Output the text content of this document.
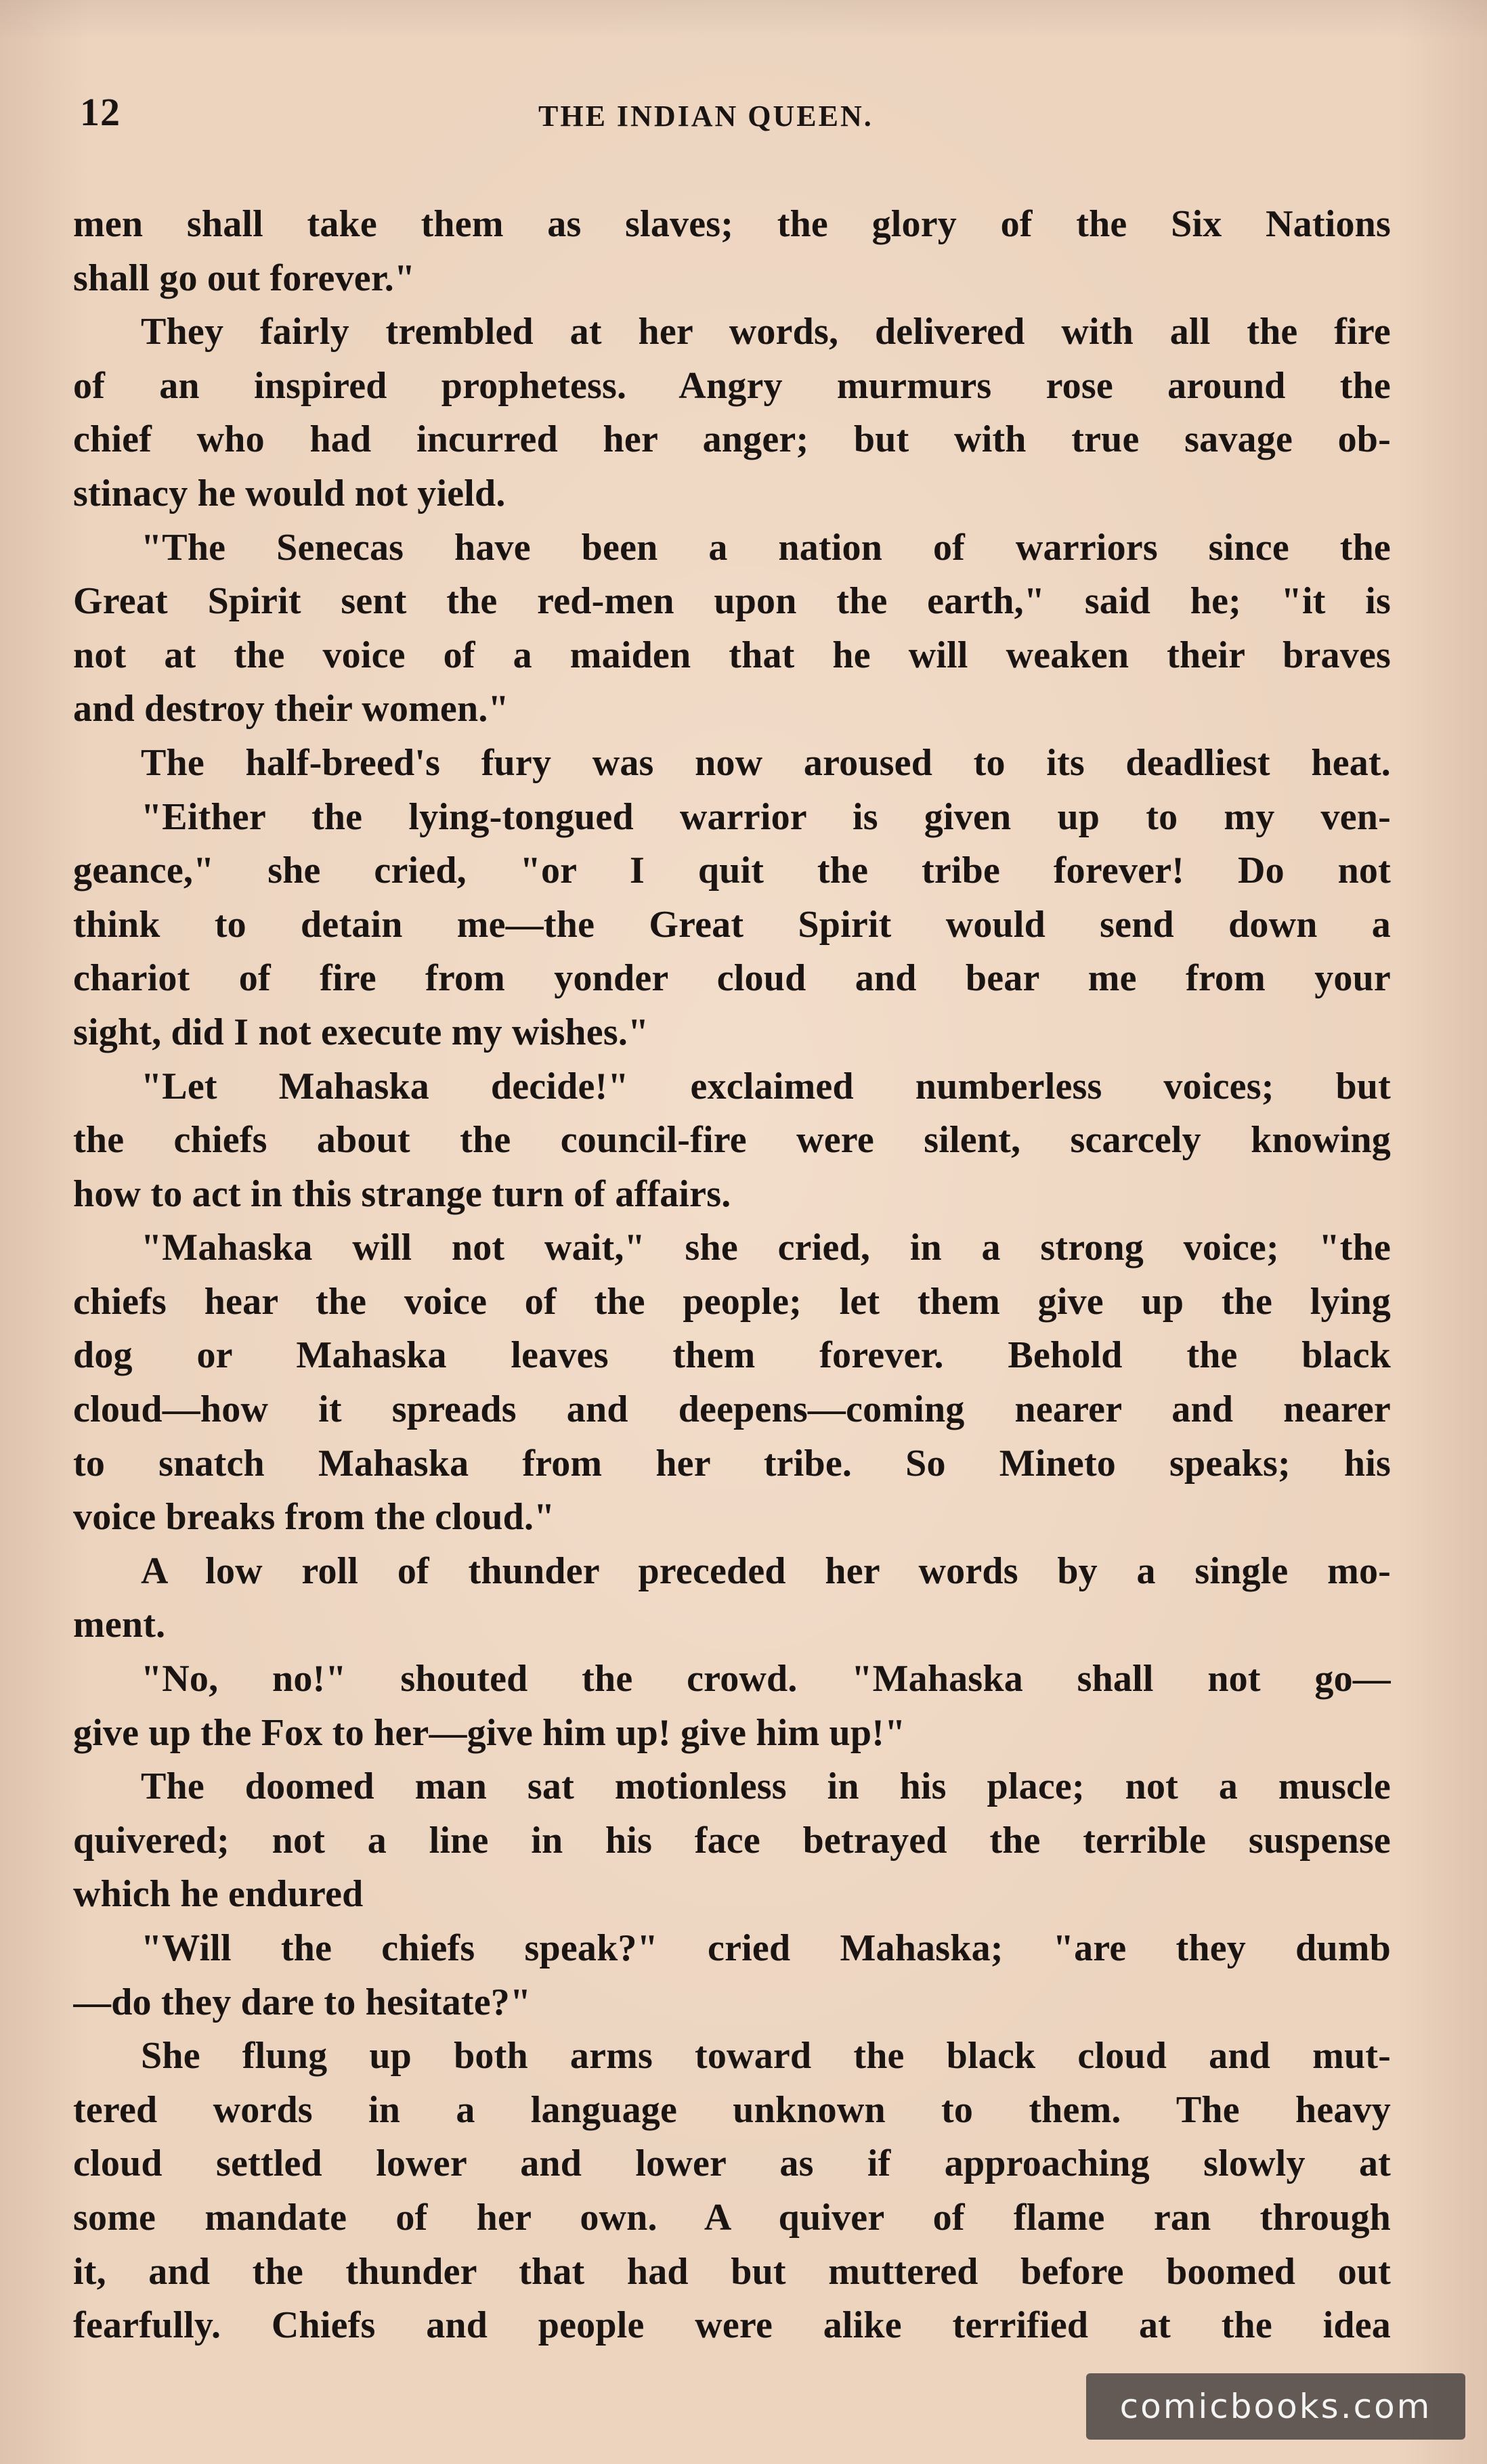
12	THE INDIAN QUEEN.
men shall take them as slaves; the glory of the Six Nations
shall go out forever."
They fairly trembled at her words, delivered with all the fire
of an inspired prophetess. Angry murmurs rose around the
chief who had incurred her anger; but with true savage ob-
stinacy he would not yield.
"The Senecas have been a nation of warriors since the
Great Spirit sent the red-men upon the earth," said he; "it is
not at the voice of a maiden that he will weaken their braves
and destroy their women."
The half-breed's fury was now aroused to its deadliest heat.
"Either the lying-tongued warrior is given up to my ven-
geance," she cried, "or I quit the tribe forever! Do not
think to detain me—the Great Spirit would send down a
chariot of fire from yonder cloud and bear me from your
sight, did I not execute my wishes."
"Let Mahaska decide!" exclaimed numberless voices; but
the chiefs about the council-fire were silent, scarcely knowing
how to act in this strange turn of affairs.
"Mahaska will not wait," she cried, in a strong voice; "the
chiefs hear the voice of the people; let them give up the lying
dog or Mahaska leaves them forever. Behold the black
cloud—how it spreads and deepens—coming nearer and nearer
to snatch Mahaska from her tribe. So Mineto speaks; his
voice breaks from the cloud."
A low roll of thunder preceded her words by a single mo-
ment.
"No, no!" shouted the crowd. "Mahaska shall not go—
give up the Fox to her—give him up! give him up!"
The doomed man sat motionless in his place; not a muscle
quivered; not a line in his face betrayed the terrible suspense
which he endured
"Will the chiefs speak?" cried Mahaska; "are they dumb
—do they dare to hesitate?"
She flung up both arms toward the black cloud and mut-
tered words in a language unknown to them. The heavy
cloud settled lower and lower as if approaching slowly at
some mandate of her own. A quiver of flame ran through
it, and the thunder that had but muttered before boomed out
fearfully. Chiefs and people were alike terrified at the idea
comicbooks.com
